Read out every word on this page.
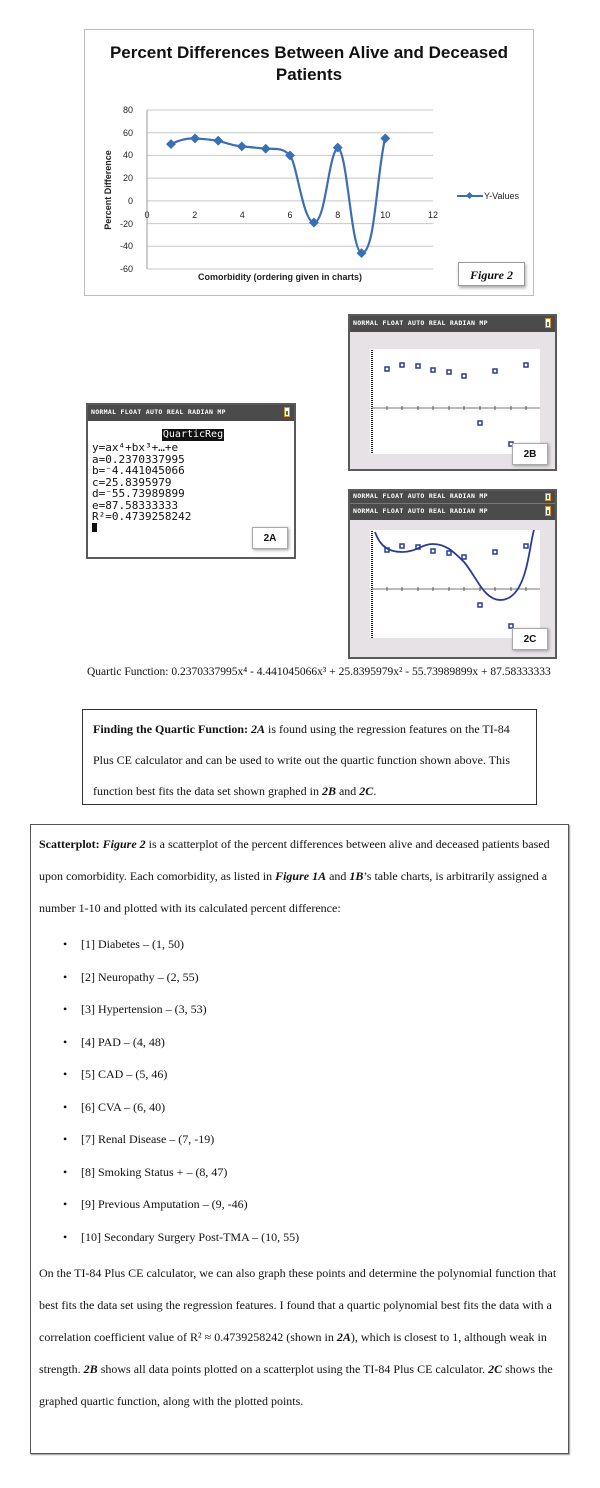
Percent Differences Between Alive and Deceased Patients
80
60
40
20
0
-20
-40
-60
0	2	4	6	8	10	12
Percent Difference
Comorbidity (ordering given in charts)
Y-Values
Figure 2
NORMAL FLOAT AUTO REAL RADIAN MP
QuarticReg
y=ax⁴+bx³+…+e
a=0.2370337995
b=⁻4.441045066
c=25.8395979
d=⁻55.73989899
e=87.58333333
R²=0.4739258242
2A
NORMAL FLOAT AUTO REAL RADIAN MP
2B
NORMAL FLOAT AUTO REAL RADIAN MP
NORMAL FLOAT AUTO REAL RADIAN MP
2C
Quartic Function: 0.2370337995x⁴ - 4.441045066x³ + 25.8395979x² - 55.73989899x + 87.58333333
Finding the Quartic Function: 2A is found using the regression features on the TI-84 Plus CE calculator and can be used to write out the quartic function shown above. This function best fits the data set shown graphed in 2B and 2C.
Scatterplot: Figure 2 is a scatterplot of the percent differences between alive and deceased patients based upon comorbidity. Each comorbidity, as listed in Figure 1A and 1B’s table charts, is arbitrarily assigned a number 1-10 and plotted with its calculated percent difference:
• [1] Diabetes – (1, 50)
• [2] Neuropathy – (2, 55)
• [3] Hypertension – (3, 53)
• [4] PAD – (4, 48)
• [5] CAD – (5, 46)
• [6] CVA – (6, 40)
• [7] Renal Disease – (7, -19)
• [8] Smoking Status + – (8, 47)
• [9] Previous Amputation – (9, -46)
• [10] Secondary Surgery Post-TMA – (10, 55)
On the TI-84 Plus CE calculator, we can also graph these points and determine the polynomial function that best fits the data set using the regression features. I found that a quartic polynomial best fits the data with a correlation coefficient value of R² ≈ 0.4739258242 (shown in 2A), which is closest to 1, although weak in strength. 2B shows all data points plotted on a scatterplot using the TI-84 Plus CE calculator. 2C shows the graphed quartic function, along with the plotted points.
